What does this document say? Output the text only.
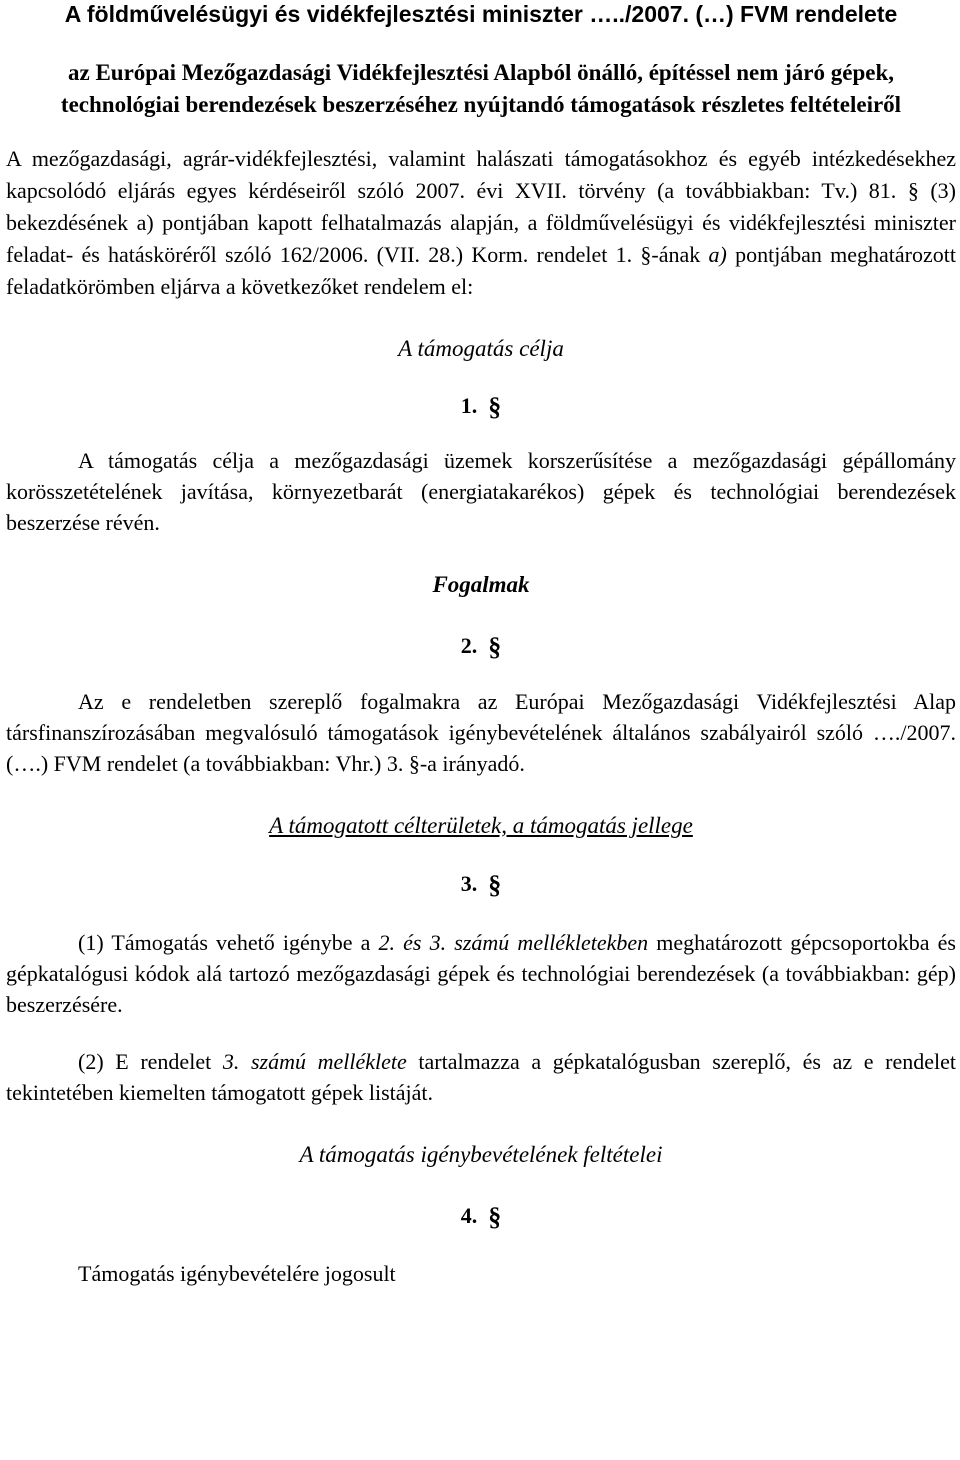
A földművelésügyi és vidékfejlesztési miniszter …../2007. (…) FVM rendelete
az Európai Mezőgazdasági Vidékfejlesztési Alapból önálló, építéssel nem járó gépek, technológiai berendezések beszerzéséhez nyújtandó támogatások részletes feltételeiről

A mezőgazdasági, agrár-vidékfejlesztési, valamint halászati támogatásokhoz és egyéb intézkedésekhez kapcsolódó eljárás egyes kérdéseiről szóló 2007. évi XVII. törvény (a továbbiakban: Tv.) 81. § (3) bekezdésének a) pontjában kapott felhatalmazás alapján, a földművelésügyi és vidékfejlesztési miniszter feladat- és hatásköréről szóló 162/2006. (VII. 28.) Korm. rendelet 1. §-ának a) pontjában meghatározott feladatkörömben eljárva a következőket rendelem el:

A támogatás célja
1. §

A támogatás célja a mezőgazdasági üzemek korszerűsítése a mezőgazdasági gépállomány korösszetételének javítása, környezetbarát (energiatakarékos) gépek és technológiai berendezések beszerzése révén.

Fogalmak
2. §

Az e rendeletben szereplő fogalmakra az Európai Mezőgazdasági Vidékfejlesztési Alap társfinanszírozásában megvalósuló támogatások igénybevételének általános szabályairól szóló …./2007. (….) FVM rendelet (a továbbiakban: Vhr.) 3. §-a irányadó.

A támogatott célterületek, a támogatás jellege
3. §

(1) Támogatás vehető igénybe a 2. és 3. számú mellékletekben meghatározott gépcsoportokba és gépkatalógusi kódok alá tartozó mezőgazdasági gépek és technológiai berendezések (a továbbiakban: gép) beszerzésére.

(2) E rendelet 3. számú melléklete tartalmazza a gépkatalógusban szereplő, és az e rendelet tekintetében kiemelten támogatott gépek listáját.

A támogatás igénybevételének feltételei
4. §

Támogatás igénybevételére jogosult
